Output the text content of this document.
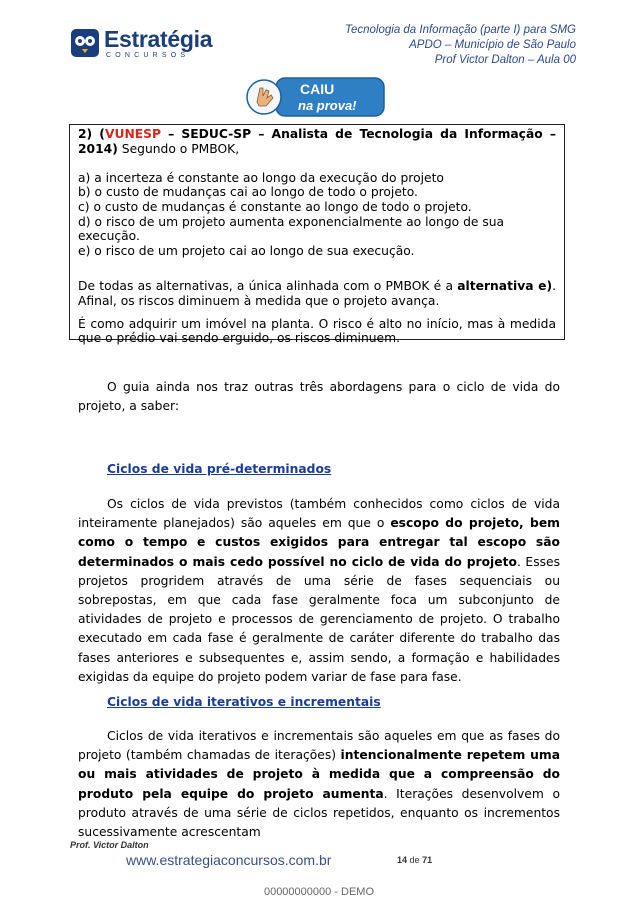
Estratégia
CONCURSOS
Tecnologia da Informação (parte I) para SMG
APDO – Município de São Paulo
Prof Victor Dalton – Aula 00
CAIU
na prova!

2) (VUNESP – SEDUC-SP – Analista de Tecnologia da Informação – 2014) Segundo o PMBOK,

a) a incerteza é constante ao longo da execução do projeto

b) o custo de mudanças cai ao longo de todo o projeto.

c) o custo de mudanças é constante ao longo de todo o projeto.

d) o risco de um projeto aumenta exponencialmente ao longo de sua execução.

e) o risco de um projeto cai ao longo de sua execução.

De todas as alternativas, a única alinhada com o PMBOK é a alternativa e). Afinal, os riscos diminuem à medida que o projeto avança.

É como adquirir um imóvel na planta. O risco é alto no início, mas à medida que o prédio vai sendo erguido, os riscos diminuem.

O guia ainda nos traz outras três abordagens para o ciclo de vida do projeto, a saber:

Ciclos de vida pré-determinados

Os ciclos de vida previstos (também conhecidos como ciclos de vida inteiramente planejados) são aqueles em que o escopo do projeto, bem como o tempo e custos exigidos para entregar tal escopo são determinados o mais cedo possível no ciclo de vida do projeto. Esses projetos progridem através de uma série de fases sequenciais ou sobrepostas, em que cada fase geralmente foca um subconjunto de atividades de projeto e processos de gerenciamento de projeto. O trabalho executado em cada fase é geralmente de caráter diferente do trabalho das fases anteriores e subsequentes e, assim sendo, a formação e habilidades exigidas da equipe do projeto podem variar de fase para fase.

Ciclos de vida iterativos e incrementais

Ciclos de vida iterativos e incrementais são aqueles em que as fases do projeto (também chamadas de iterações) intencionalmente repetem uma ou mais atividades de projeto à medida que a compreensão do produto pela equipe do projeto aumenta. Iterações desenvolvem o produto através de uma série de ciclos repetidos, enquanto os incrementos sucessivamente acrescentam

Prof. Victor Dalton
www.estrategiaconcursos.com.br	14 de 71
00000000000 - DEMO
